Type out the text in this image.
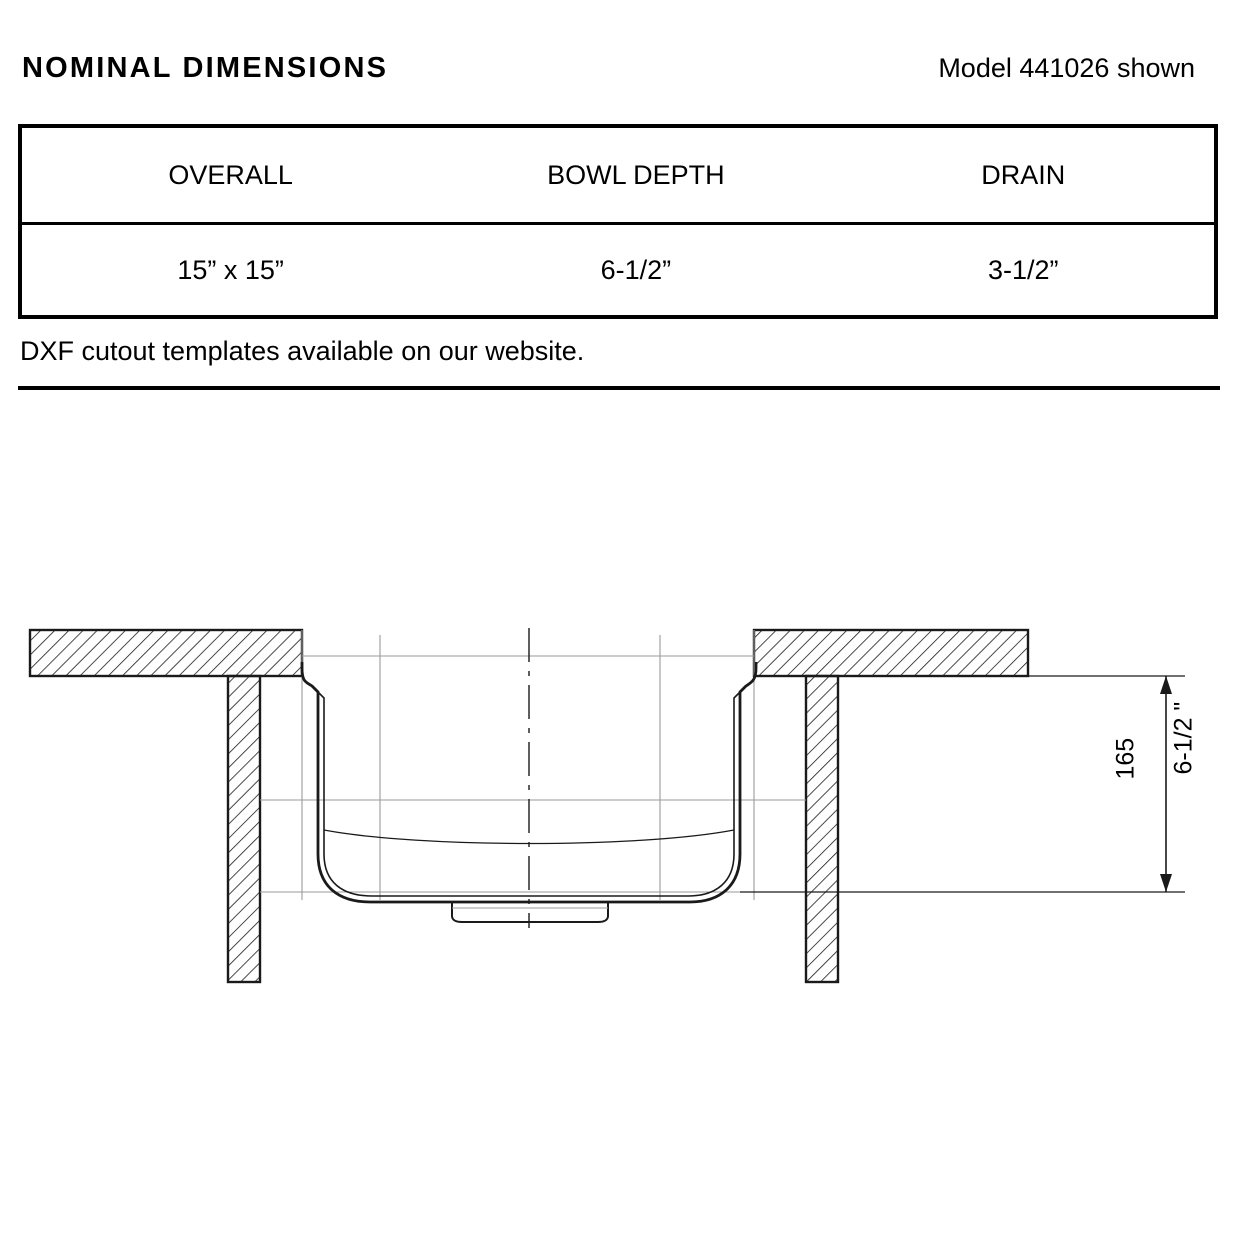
NOMINAL DIMENSIONS	Model 441026 shown
OVERALL	BOWL DEPTH	DRAIN
15” x 15”	6-1/2”	3-1/2”
DXF cutout templates available on our website.
165 6-1/2 "
